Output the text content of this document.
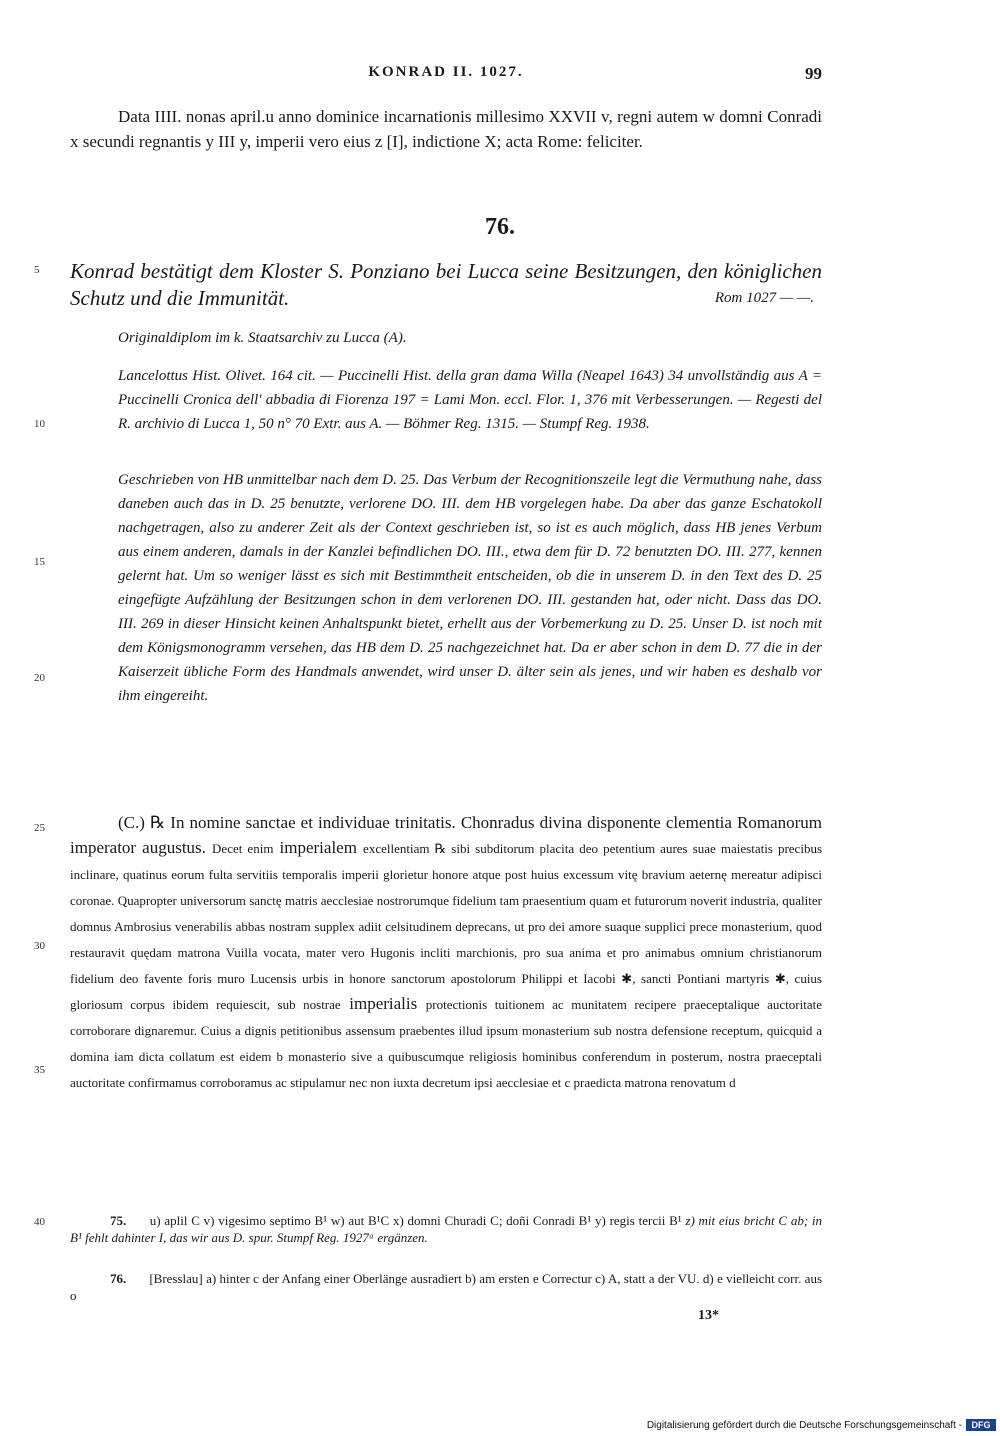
KONRAD II. 1027.	99
Data IIII. nonas april.u anno dominice incarnationis millesimo XXVII v, regni autem w domni Conradi x secundi regnantis y III y, imperii vero eius z [I], indictione X; acta Rome: feliciter.
76.
Konrad bestätigt dem Kloster S. Ponziano bei Lucca seine Besitzungen, den königlichen Schutz und die Immunität.	Rom 1027 — —.
Originaldiplom im k. Staatsarchiv zu Lucca (A).
Lancelottus Hist. Olivet. 164 cit. — Puccinelli Hist. della gran dama Willa (Neapel 1643) 34 unvollständig aus A = Puccinelli Cronica dell' abbadia di Fiorenza 197 = Lami Mon. eccl. Flor. 1, 376 mit Verbesserungen. — Regesti del R. archivio di Lucca 1, 50 n° 70 Extr. aus A. — Böhmer Reg. 1315. — Stumpf Reg. 1938.
Geschrieben von HB unmittelbar nach dem D. 25. Das Verbum der Recognitionszeile legt die Vermuthung nahe, dass daneben auch das in D. 25 benutzte, verlorene DO. III. dem HB vorgelegen habe. Da aber das ganze Eschatokoll nachgetragen, also zu anderer Zeit als der Context geschrieben ist, so ist es auch möglich, dass HB jenes Verbum aus einem anderen, damals in der Kanzlei befindlichen DO. III., etwa dem für D. 72 benutzten DO. III. 277, kennen gelernt hat. Um so weniger lässt es sich mit Bestimmtheit entscheiden, ob die in unserem D. in den Text des D. 25 eingefügte Aufzählung der Besitzungen schon in dem verlorenen DO. III. gestanden hat, oder nicht. Dass das DO. III. 269 in dieser Hinsicht keinen Anhaltspunkt bietet, erhellt aus der Vorbemerkung zu D. 25. Unser D. ist noch mit dem Königsmonogramm versehen, das HB dem D. 25 nachgezeichnet hat. Da er aber schon in dem D. 77 die in der Kaiserzeit übliche Form des Handmals anwendet, wird unser D. älter sein als jenes, und wir haben es deshalb vor ihm eingereiht.
(C.) ℞ In nomine sanctae et individuae trinitatis. Chonradus divina disponente clementia Romanorum imperator augustus. Decet enim imperialem excellentiam ℞ sibi subditorum placita deo petentium aures suae maiestatis precibus inclinare, quatinus eorum fulta servitiis temporalis imperii glorietur honore atque post huius excessum vitę bravium aeternę mereatur adipisci coronae. Quapropter universorum sanctę matris aecclesiae nostrorumque fidelium tam praesentium quam et futurorum noverit industria, qualiter domnus Ambrosius venerabilis abbas nostram supplex adiit celsitudinem deprecans, ut pro dei amore suaque supplici prece monasterium, quod restauravit quędam matrona Vuilla vocata, mater vero Hugonis incliti marchionis, pro sua anima et pro animabus omnium christianorum fidelium deo favente foris muro Lucensis urbis in honore sanctorum apostolorum Philippi et Iacobi ✱, sancti Pontiani martyris ✱, cuius gloriosum corpus ibidem requiescit, sub nostrae imperialis protectionis tuitionem ac munitatem recipere praeceptalique auctoritate corroborare dignaremur. Cuius a dignis petitionibus assensum praebentes illud ipsum monasterium sub nostra defensione receptum, quicquid a domina iam dicta collatum est eidem b monasterio sive a quibuscumque religiosis hominibus conferendum in posterum, nostra praeceptali auctoritate confirmamus corroboramus ac stipulamur nec non iuxta decretum ipsi aecclesiae et c praedicta matrona renovatum d
5
10
15
20
25
30
35
40	75. u) aplil C v) vigesimo septimo B¹ w) aut B¹C x) domni Churadi C; doñi Conradi B¹ y) regis tercii B¹ z) mit eius bricht C ab; in B¹ fehlt dahinter I, das wir aus D. spur. Stumpf Reg. 1927ᵃ ergänzen.
76. [Bresslau] a) hinter c der Anfang einer Oberlänge ausradiert b) am ersten e Correctur c) A, statt a der VU. d) e vielleicht corr. aus o
13*
Digitalisierung gefördert durch die Deutsche Forschungsgemeinschaft -	DFG
